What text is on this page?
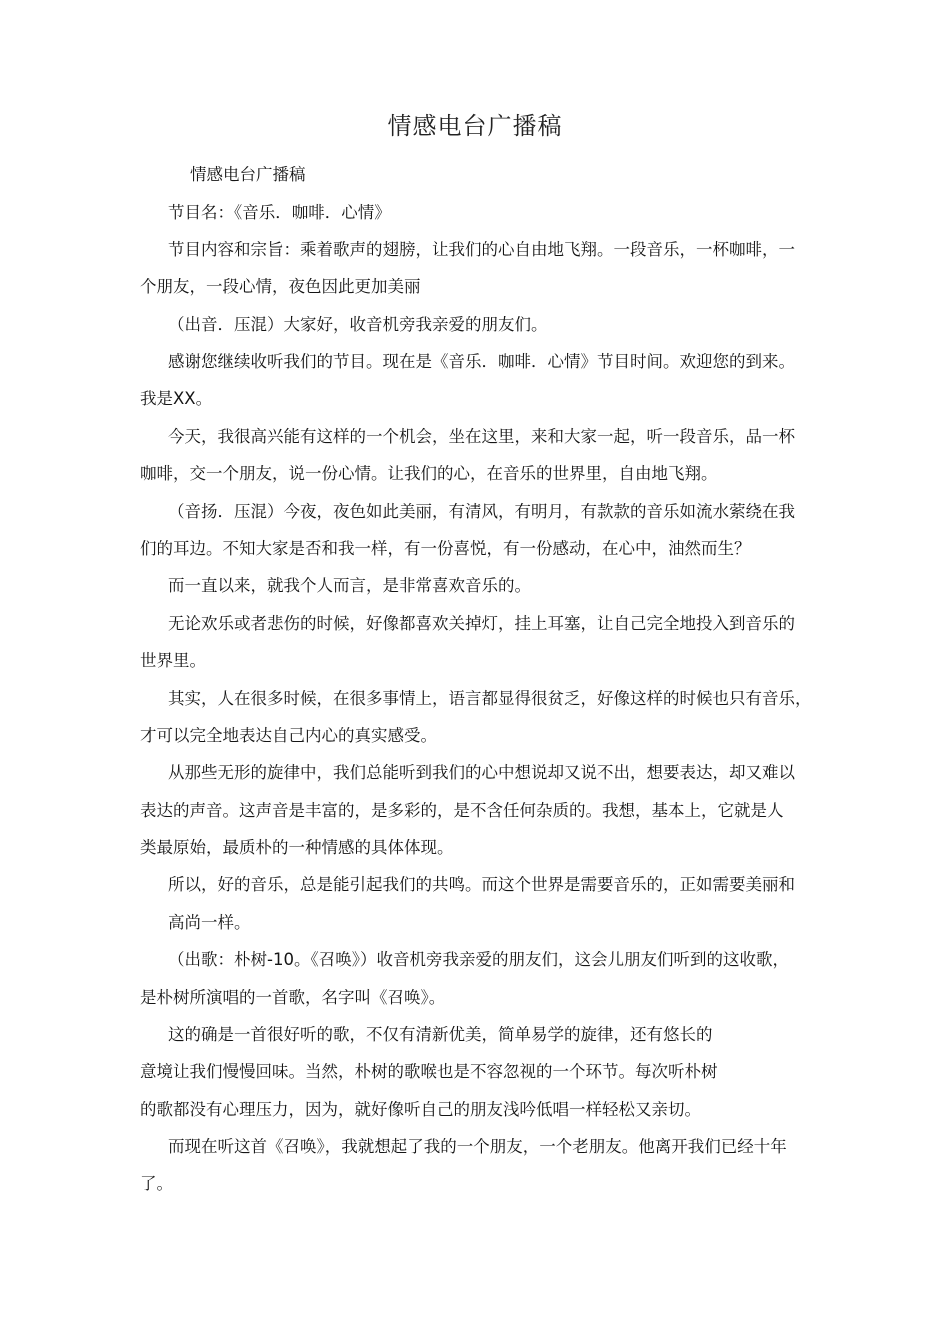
情感电台广播稿
情感电台广播稿
节目名：《音乐．咖啡．心情》
节目内容和宗旨：乘着歌声的翅膀，让我们的心自由地飞翔。一段音乐，一杯咖啡，一
个朋友，一段心情，夜色因此更加美丽
（出音．压混）大家好，收音机旁我亲爱的朋友们。
感谢您继续收听我们的节目。现在是《音乐．咖啡．心情》节目时间。欢迎您的到来。
我是XX。
今天，我很高兴能有这样的一个机会，坐在这里，来和大家一起，听一段音乐，品一杯
咖啡，交一个朋友，说一份心情。让我们的心，在音乐的世界里，自由地飞翔。
（音扬．压混）今夜，夜色如此美丽，有清风，有明月，有款款的音乐如流水萦绕在我
们的耳边。不知大家是否和我一样，有一份喜悦，有一份感动，在心中，油然而生？
而一直以来，就我个人而言，是非常喜欢音乐的。
无论欢乐或者悲伤的时候，好像都喜欢关掉灯，挂上耳塞，让自己完全地投入到音乐的
世界里。
其实，人在很多时候，在很多事情上，语言都显得很贫乏，好像这样的时候也只有音乐，
才可以完全地表达自己内心的真实感受。
从那些无形的旋律中，我们总能听到我们的心中想说却又说不出，想要表达，却又难以
表达的声音。这声音是丰富的，是多彩的，是不含任何杂质的。我想，基本上，它就是人
类最原始，最质朴的一种情感的具体体现。
所以，好的音乐，总是能引起我们的共鸣。而这个世界是需要音乐的，正如需要美丽和
高尚一样。
（出歌：朴树-10。《召唤》）收音机旁我亲爱的朋友们，这会儿朋友们听到的这收歌，
是朴树所演唱的一首歌，名字叫《召唤》。
这的确是一首很好听的歌，不仅有清新优美，简单易学的旋律，还有悠长的
意境让我们慢慢回味。当然，朴树的歌喉也是不容忽视的一个环节。每次听朴树
的歌都没有心理压力，因为，就好像听自己的朋友浅吟低唱一样轻松又亲切。
而现在听这首《召唤》，我就想起了我的一个朋友，一个老朋友。他离开我们已经十年
了。
